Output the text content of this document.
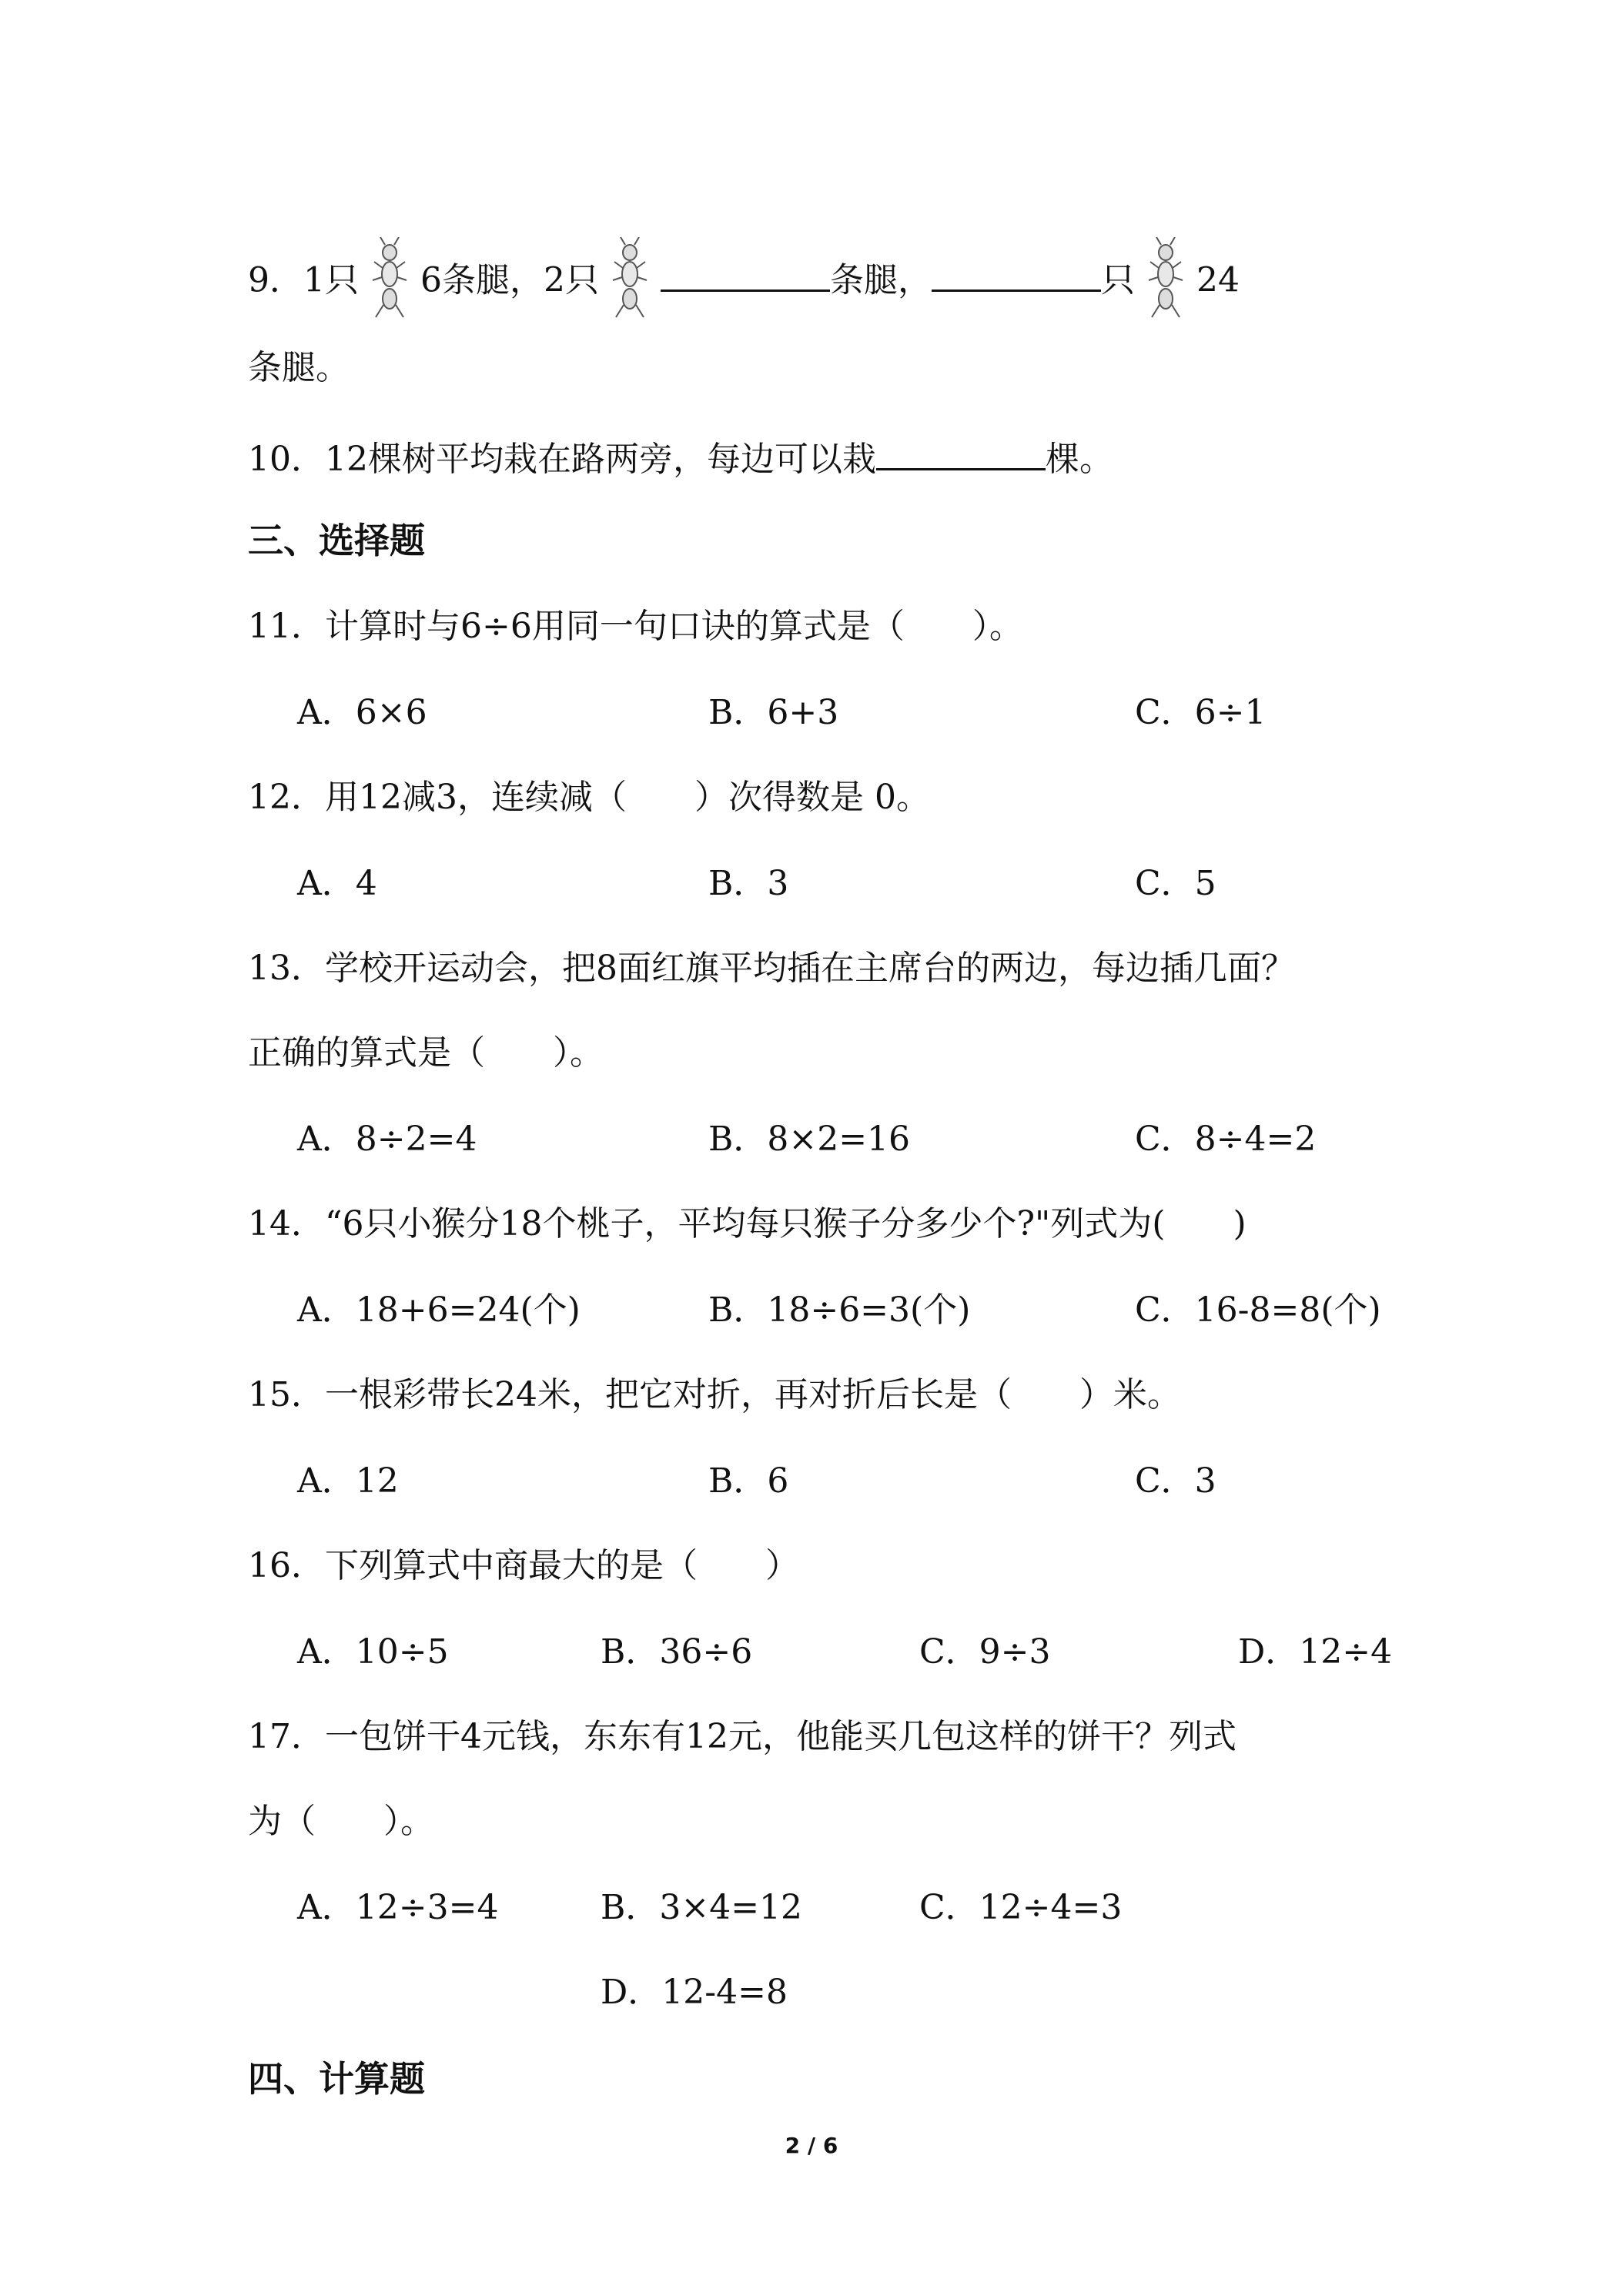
9．1只 6条腿，2只	条腿，	只 24
条腿。
10．12棵树平均栽在路两旁，每边可以栽	棵。
三、选择题
11．计算时与6÷6用同一句口诀的算式是（　　）。
A．6×6	B．6+3	C．6÷1
12．用12减3，连续减（　　）次得数是 0。
A．4	B．3	C．5
13．学校开运动会，把8面红旗平均插在主席台的两边，每边插几面？
正确的算式是（　　）。
A．8÷2=4	B．8×2=16	C．8÷4=2
14．“6只小猴分18个桃子，平均每只猴子分多少个?"列式为(　　)
A．18+6=24(个)	B．18÷6=3(个)	C．16-8=8(个)
15．一根彩带长24米，把它对折，再对折后长是（　　）米。
A．12	B．6	C．3
16．下列算式中商最大的是（　　）
A．10÷5	B．36÷6	C．9÷3	D．12÷4
17．一包饼干4元钱，东东有12元，他能买几包这样的饼干？列式
为（　　）。
A．12÷3=4	B．3×4=12	C．12÷4=3
D．12-4=8
四、计算题
2 / 6
